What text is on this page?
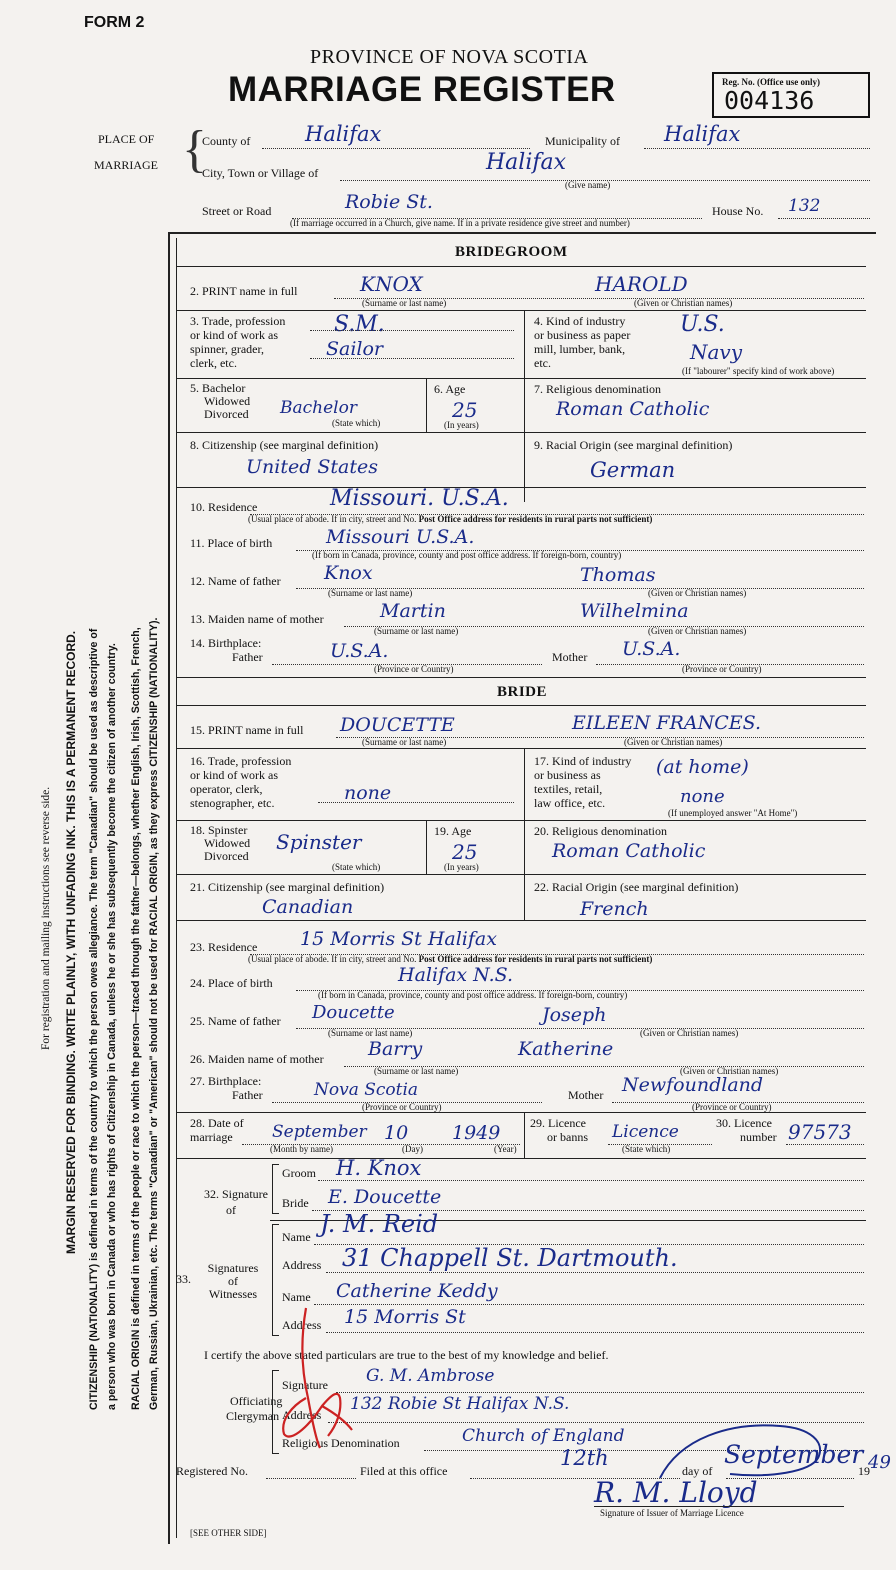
FORM 2
PROVINCE OF NOVA SCOTIA
MARRIAGE REGISTER	Reg. No. (Office use only)
004136
PLACE OF
MARRIAGE {
County of	Halifax	Municipality of Halifax
City, Town or Village of	Halifax
(Give name)
Street or Road	Robie St.	House No. 132
(If marriage occurred in a Church, give name. If in a private residence give street and number)
BRIDEGROOM
2. PRINT name in full	KNOX	HAROLD
(Surname or last name)	(Given or Christian names)
3. Trade, profession
or kind of work as
spinner, grader,
clerk, etc.
S.M.
Sailor
4. Kind of industry
or business as paper
mill, lumber, bank,
etc.
U.S.
Navy
(If "labourer" specify kind of work above)
5. Bachelor
Widowed
Divorced Bachelor
(State which)
6. Age
25
(In years)
7. Religious denomination
Roman Catholic
8. Citizenship (see marginal definition)
United States
9. Racial Origin (see marginal definition)
German
10. Residence	Missouri. U.S.A.
(Usual place of abode. If in city, street and No. Post Office address for residents in rural parts not sufficient)
11. Place of birth	Missouri U.S.A.
(If born in Canada, province, county and post office address. If foreign-born, country)
12. Name of father Knox	Thomas
(Surname or last name)	(Given or Christian names)
13. Maiden name of mother	Martin	Wilhelmina
(Surname or last name)	(Given or Christian names)
14. Birthplace:
Father	U.S.A.
(Province or Country)
Mother U.S.A.
(Province or Country)
BRIDE
15. PRINT name in full DOUCETTE	EILEEN FRANCES.
(Surname or last name)	(Given or Christian names)
16. Trade, profession
or kind of work as
operator, clerk,
stenographer, etc.	none
17. Kind of industry
or business as
textiles, retail,
law office, etc.
(at home)
none
(If unemployed answer "At Home")
18. Spinster
Widowed
Divorced
Spinster
(State which)
19. Age
25
(In years)
20. Religious denomination
Roman Catholic
21. Citizenship (see marginal definition)
Canadian
22. Racial Origin (see marginal definition)
French
23. Residence 15 Morris St Halifax
(Usual place of abode. If in city, street and No. Post Office address for residents in rural parts not sufficient)
24. Place of birth	Halifax N.S.
(If born in Canada, province, county and post office address. If foreign-born, country)
25. Name of father Doucette	Joseph
(Surname or last name)	(Given or Christian names)
26. Maiden name of mother Barry	Katherine
(Surname or last name)	(Given or Christian names)
27. Birthplace:
Father	Nova Scotia
(Province or Country)
Mother Newfoundland
(Province or Country)
28. Date of
marriage	September 10 1949
(Month by name)	(Day)	(Year)
29. Licence
or banns Licence
(State which)
30. Licence
number 97573
32. Signature
of
Groom H. Knox
Bride E. Doucette
33.
Signatures
of
Witnesses
Name J. M. Reid
Address 31 Chappell St. Dartmouth.
Name Catherine Keddy
Address 15 Morris St
I certify the above stated particulars are true to the best of my knowledge and belief.
Officiating
Clergyman
Signature G. M. Ambrose
Address
132 Robie St Halifax N.S.
Religious Denomination	Church of England
Registered No.	Filed at this office
12th
day of
September
19
49
R. M. Lloyd
Signature of Issuer of Marriage Licence
[SEE OTHER SIDE]
For registration and mailing instructions see reverse side. MARGIN RESERVED FOR BINDING. WRITE PLAINLY, WITH UNFADING INK. THIS IS A PERMANENT RECORD. CITIZENSHIP (NATIONALITY) is defined in terms of the country to which the person owes allegiance. The term "Canadian" should be used as descriptive of a person who was born in Canada or who has rights of Citizenship in Canada, unless he or she has subsequently become the citizen of another country. RACIAL ORIGIN is defined in terms of the people or race to which the person—traced through the father—belongs, whether English, Irish, Scottish, French, German, Russian, Ukrainian, etc. The terms "Canadian" or "American" should not be used for RACIAL ORIGIN, as they express CITIZENSHIP (NATIONALITY).
